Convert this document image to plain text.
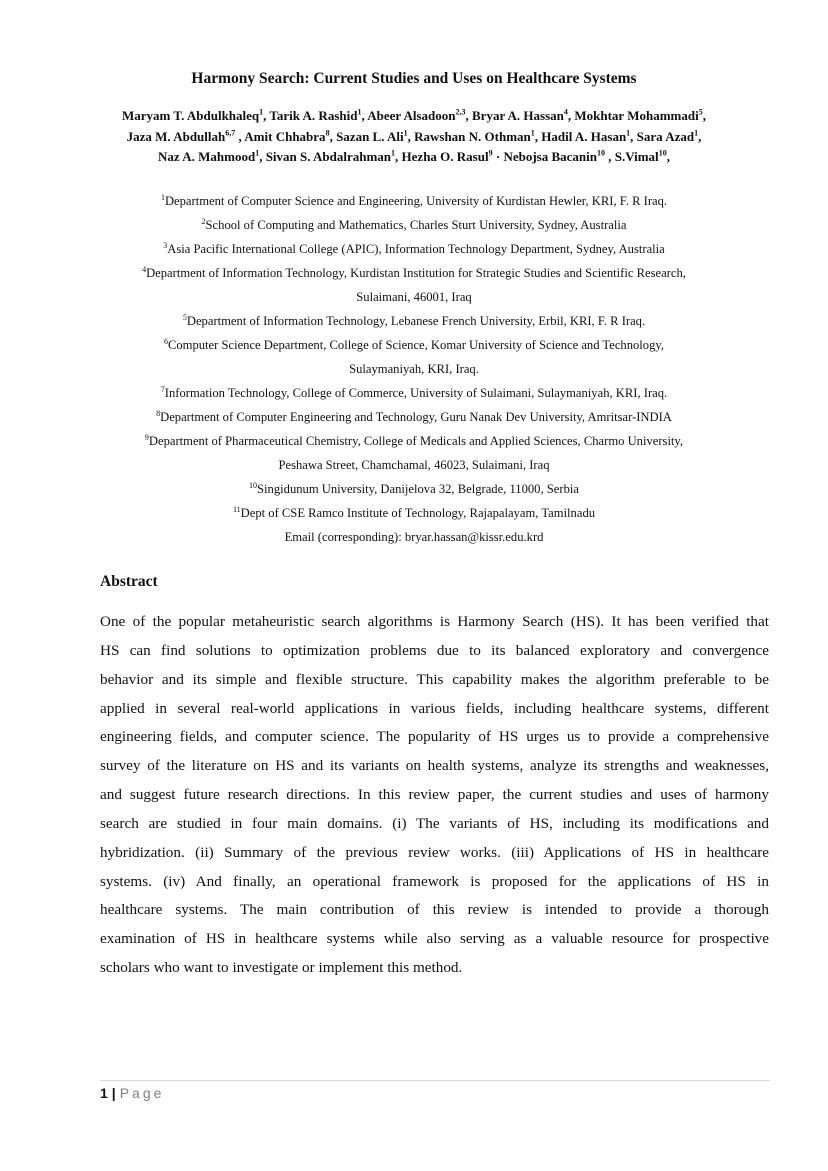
Harmony Search: Current Studies and Uses on Healthcare Systems
Maryam T. Abdulkhaleq$^1$, Tarik A. Rashid$^1$, Abeer Alsadoon$^{2,3}$, Bryar A. Hassan$^4$, Mokhtar Mohammadi$^5$,
Jaza M. Abdullah$^{6,7}$ , Amit Chhabra$^8$, Sazan L. Ali$^1$, Rawshan N. Othman$^1$, Hadil A. Hasan$^1$, Sara Azad$^1$,
Naz A. Mahmood$^1$, Sivan S. Abdalrahman$^1$, Hezha O. Rasul$^9$ · Nebojsa Bacanin$^{10}$ , S.Vimal$^{10}$,
$^1$Department of Computer Science and Engineering, University of Kurdistan Hewler, KRI, F. R Iraq.
$^2$School of Computing and Mathematics, Charles Sturt University, Sydney, Australia
$^3$Asia Pacific International College (APIC), Information Technology Department, Sydney, Australia
$^4$Department of Information Technology, Kurdistan Institution for Strategic Studies and Scientific Research,
Sulaimani, 46001, Iraq
$^5$Department of Information Technology, Lebanese French University, Erbil, KRI, F. R Iraq.
$^6$Computer Science Department, College of Science, Komar University of Science and Technology,
Sulaymaniyah, KRI, Iraq.
$^7$Information Technology, College of Commerce, University of Sulaimani, Sulaymaniyah, KRI, Iraq.
$^8$Department of Computer Engineering and Technology, Guru Nanak Dev University, Amritsar-INDIA
$^9$Department of Pharmaceutical Chemistry, College of Medicals and Applied Sciences, Charmo University,
Peshawa Street, Chamchamal, 46023, Sulaimani, Iraq
$^{10}$Singidunum University, Danijelova 32, Belgrade, 11000, Serbia
$^{11}$Dept of CSE Ramco Institute of Technology, Rajapalayam, Tamilnadu
Email (corresponding): bryar.hassan@kissr.edu.krd
Abstract
One of the popular metaheuristic search algorithms is Harmony Search (HS). It has been verified that
HS can find solutions to optimization problems due to its balanced exploratory and convergence
behavior and its simple and flexible structure. This capability makes the algorithm preferable to be
applied in several real-world applications in various fields, including healthcare systems, different
engineering fields, and computer science. The popularity of HS urges us to provide a comprehensive
survey of the literature on HS and its variants on health systems, analyze its strengths and weaknesses,
and suggest future research directions. In this review paper, the current studies and uses of harmony
search are studied in four main domains. (i) The variants of HS, including its modifications and
hybridization. (ii) Summary of the previous review works. (iii) Applications of HS in healthcare
systems. (iv) And finally, an operational framework is proposed for the applications of HS in
healthcare systems. The main contribution of this review is intended to provide a thorough
examination of HS in healthcare systems while also serving as a valuable resource for prospective
scholars who want to investigate or implement this method.
1 | Page
